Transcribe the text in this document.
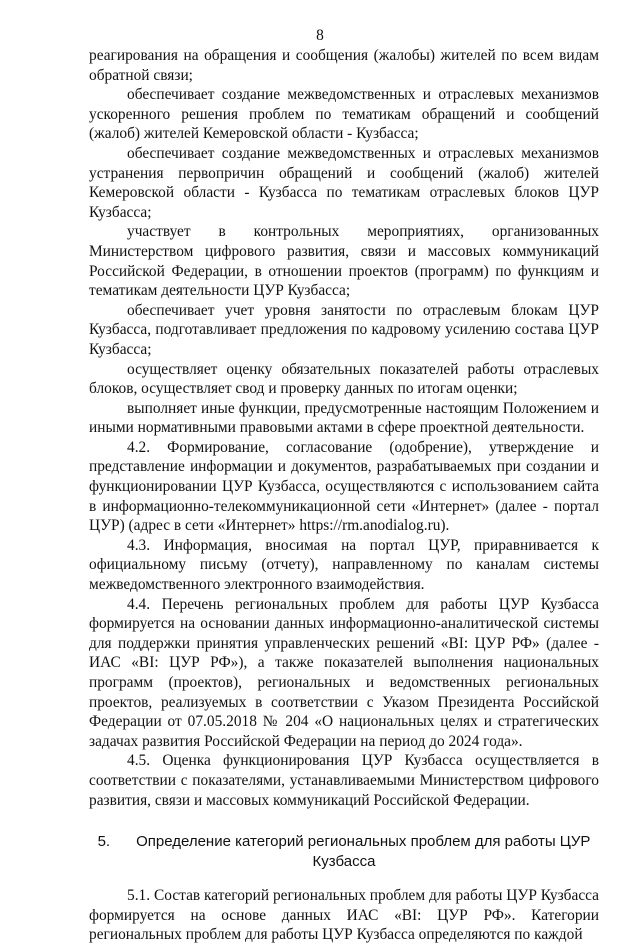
8

реагирования на обращения и сообщения (жалобы) жителей по всем видам обратной связи;

обеспечивает создание межведомственных и отраслевых механизмов ускоренного решения проблем по тематикам обращений и сообщений (жалоб) жителей Кемеровской области - Кузбасса;

обеспечивает создание межведомственных и отраслевых механизмов устранения первопричин обращений и сообщений (жалоб) жителей Кемеровской области - Кузбасса по тематикам отраслевых блоков ЦУР Кузбасса;

участвует в контрольных мероприятиях, организованных Министерством цифрового развития, связи и массовых коммуникаций Российской Федерации, в отношении проектов (программ) по функциям и тематикам деятельности ЦУР Кузбасса;

обеспечивает учет уровня занятости по отраслевым блокам ЦУР Кузбасса, подготавливает предложения по кадровому усилению состава ЦУР Кузбасса;

осуществляет оценку обязательных показателей работы отраслевых блоков, осуществляет свод и проверку данных по итогам оценки;

выполняет иные функции, предусмотренные настоящим Положением и иными нормативными правовыми актами в сфере проектной деятельности.

4.2. Формирование, согласование (одобрение), утверждение и представление информации и документов, разрабатываемых при создании и функционировании ЦУР Кузбасса, осуществляются с использованием сайта в информационно-телекоммуникационной сети «Интернет» (далее - портал ЦУР) (адрес в сети «Интернет» https://rm.anodialog.ru).

4.3. Информация, вносимая на портал ЦУР, приравнивается к официальному письму (отчету), направленному по каналам системы межведомственного электронного взаимодействия.

4.4. Перечень региональных проблем для работы ЦУР Кузбасса формируется на основании данных информационно-аналитической системы для поддержки принятия управленческих решений «BI: ЦУР РФ» (далее - ИАС «BI: ЦУР РФ»), а также показателей выполнения национальных программ (проектов), региональных и ведомственных региональных проектов, реализуемых в соответствии с Указом Президента Российской Федерации от 07.05.2018 № 204 «О национальных целях и стратегических задачах развития Российской Федерации на период до 2024 года».

4.5. Оценка функционирования ЦУР Кузбасса осуществляется в соответствии с показателями, устанавливаемыми Министерством цифрового развития, связи и массовых коммуникаций Российской Федерации.

5. Определение категорий региональных проблем для работы ЦУР Кузбасса

5.1. Состав категорий региональных проблем для работы ЦУР Кузбасса формируется на основе данных ИАС «BI: ЦУР РФ». Категории региональных проблем для работы ЦУР Кузбасса определяются по каждой
